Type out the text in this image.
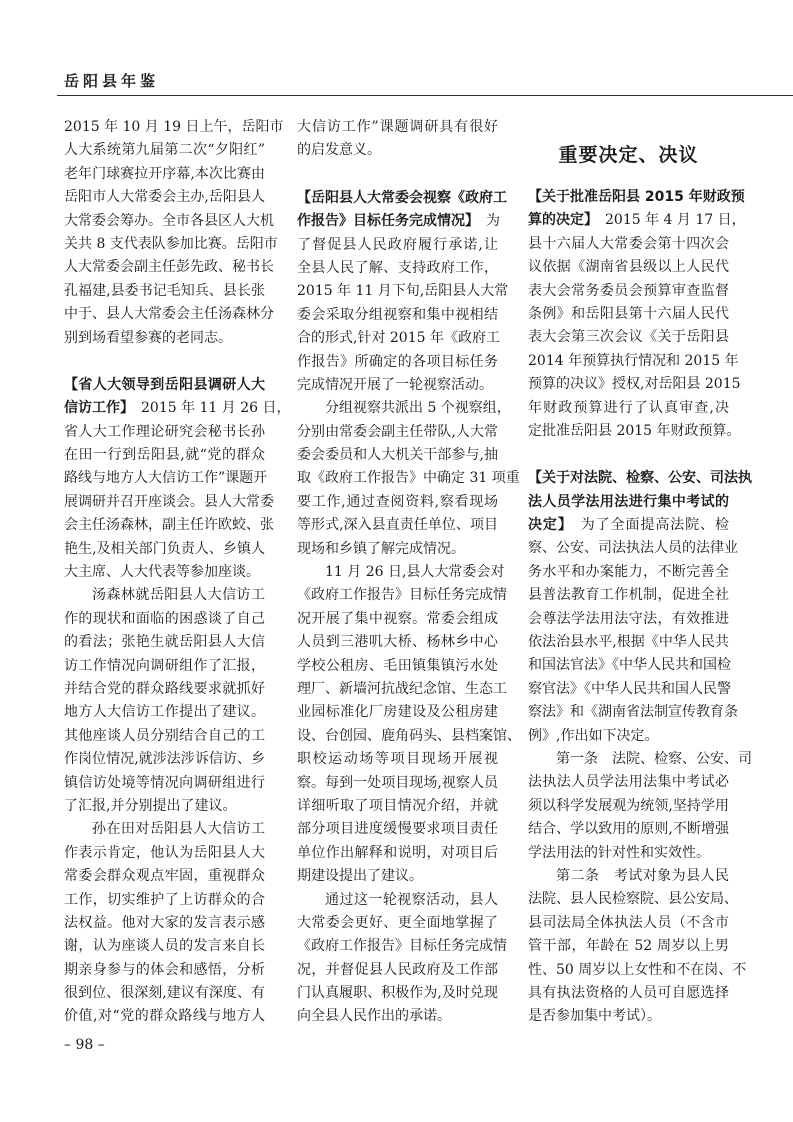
岳阳县年鉴
重要决定、决议
2015 年 10 月 19 日上午，岳阳市
人大系统第九届第二次“夕阳红”
老年门球赛拉开序幕,本次比赛由
岳阳市人大常委会主办,岳阳县人
大常委会筹办。全市各县区人大机
关共 8 支代表队参加比赛。岳阳市
人大常委会副主任彭先政、秘书长
孔福建,县委书记毛知兵、县长张
中于、县人大常委会主任汤森林分
别到场看望参赛的老同志。
【省人大领导到岳阳县调研人大
信访工作】　2015 年 11 月 26 日，
省人大工作理论研究会秘书长孙
在田一行到岳阳县,就“党的群众
路线与地方人大信访工作”课题开
展调研并召开座谈会。县人大常委
会主任汤森林，副主任许欧蛟、张
艳生,及相关部门负责人、乡镇人
大主席、人大代表等参加座谈。
汤森林就岳阳县人大信访工
作的现状和面临的困惑谈了自己
的看法；张艳生就岳阳县人大信
访工作情况向调研组作了汇报，
并结合党的群众路线要求就抓好
地方人大信访工作提出了建议。
其他座谈人员分别结合自己的工
作岗位情况,就涉法涉诉信访、乡
镇信访处境等情况向调研组进行
了汇报,并分别提出了建议。
孙在田对岳阳县人大信访工
作表示肯定，他认为岳阳县人大
常委会群众观点牢固，重视群众
工作，切实维护了上访群众的合
法权益。他对大家的发言表示感
谢，认为座谈人员的发言来自长
期亲身参与的体会和感悟，分析
很到位、很深刻,建议有深度、有
价值,对“党的群众路线与地方人
大信访工作”课题调研具有很好
的启发意义。
【岳阳县人大常委会视察《政府工
作报告》目标任务完成情况】　为
了督促县人民政府履行承诺,让
全县人民了解、支持政府工作，
2015 年 11 月下旬,岳阳县人大常
委会采取分组视察和集中视相结
合的形式,针对 2015 年《政府工
作报告》所确定的各项目标任务
完成情况开展了一轮视察活动。
分组视察共派出 5 个视察组，
分别由常委会副主任带队,人大常
委会委员和人大机关干部参与,抽
取《政府工作报告》中确定 31 项重
要工作,通过查阅资料,察看现场
等形式,深入县直责任单位、项目
现场和乡镇了解完成情况。
11 月 26 日,县人大常委会对
《政府工作报告》目标任务完成情
况开展了集中视察。常委会组成
人员到三港叽大桥、杨林乡中心
学校公租房、毛田镇集镇污水处
理厂、新墙河抗战纪念馆、生态工
业园标准化厂房建设及公租房建
设、台创园、鹿角码头、县档案馆、
职校运动场等项目现场开展视
察。每到一处项目现场,视察人员
详细听取了项目情况介绍，并就
部分项目进度缓慢要求项目责任
单位作出解释和说明，对项目后
期建设提出了建议。
通过这一轮视察活动，县人
大常委会更好、更全面地掌握了
《政府工作报告》目标任务完成情
况，并督促县人民政府及工作部
门认真履职、积极作为,及时兑现
向全县人民作出的承诺。
【关于批准岳阳县 2015 年财政预
算的决定】　2015 年 4 月 17 日，
县十六届人大常委会第十四次会
议依据《湖南省县级以上人民代
表大会常务委员会预算审查监督
条例》和岳阳县第十六届人民代
表大会第三次会议《关于岳阳县
2014 年预算执行情况和 2015 年
预算的决议》授权,对岳阳县 2015
年财政预算进行了认真审查,决
定批准岳阳县 2015 年财政预算。
【关于对法院、检察、公安、司法执
法人员学法用法进行集中考试的
决定】　为了全面提高法院、检
察、公安、司法执法人员的法律业
务水平和办案能力，不断完善全
县普法教育工作机制，促进全社
会尊法学法用法守法，有效推进
依法治县水平,根据《中华人民共
和国法官法》《中华人民共和国检
察官法》《中华人民共和国人民警
察法》和《湖南省法制宣传教育条
例》,作出如下决定。
第一条　法院、检察、公安、司
法执法人员学法用法集中考试必
须以科学发展观为统领,坚持学用
结合、学以致用的原则,不断增强
学法用法的针对性和实效性。
第二条　考试对象为县人民
法院、县人民检察院、县公安局、
县司法局全体执法人员（不含市
管干部，年龄在 52 周岁以上男
性、50 周岁以上女性和不在岗、不
具有执法资格的人员可自愿选择
是否参加集中考试）。
– 98 –
